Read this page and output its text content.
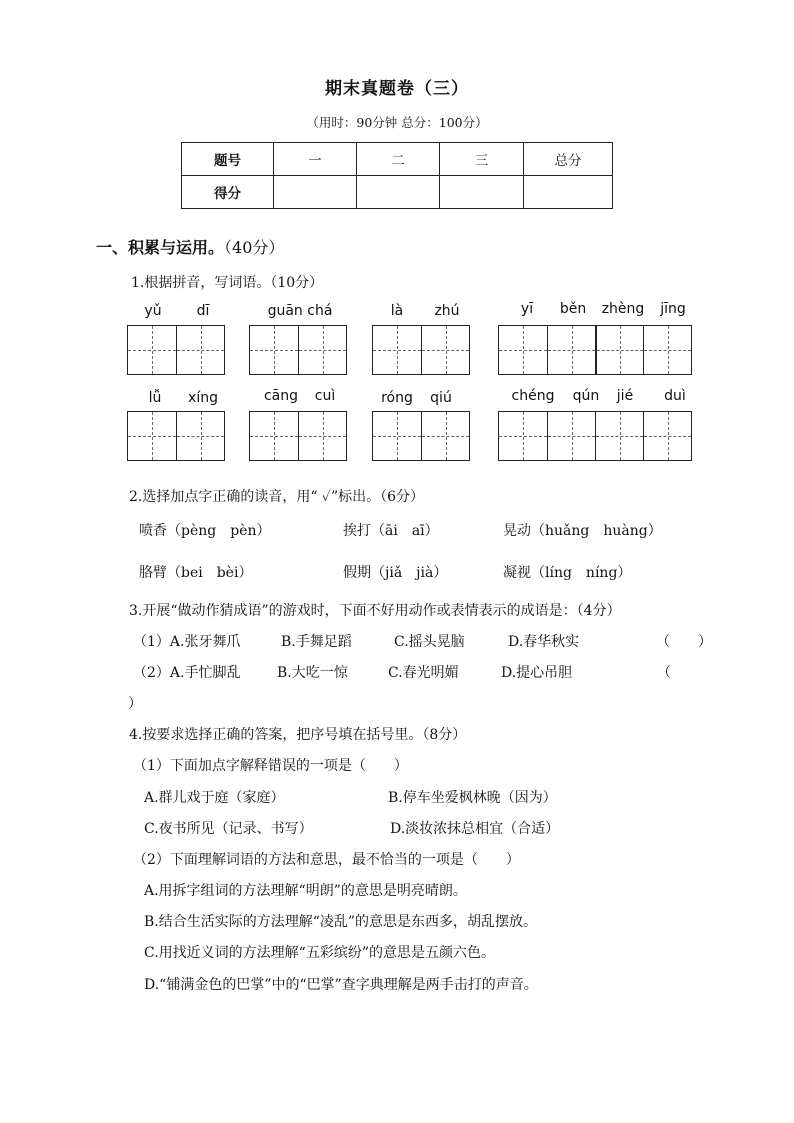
期末真题卷（三）
（用时：90分钟 总分：100分）
题号	一	二	三	总分
得分				
一、积累与运用。（40分）
1.根据拼音，写词语。（10分）
yǔ	dī	guān chá	là	zhú	yī	běn	zhèng	jīng
lǚ	xíng	cāng	cuì	róng	qiú	chéng	qún	jié	duì
2.选择加点字正确的读音，用“ ✓”标出。（6分）
喷香（pèng　pèn）	挨打（āi　aī）	晃动（huǎng　huàng）
胳臂（bei　bèi）	假期（jiǎ　jià）	凝视（líng　níng）
3.开展“做动作猜成语”的游戏时，下面不好用动作或表情表示的成语是：（4分）
（1）A.张牙舞爪	B.手舞足蹈	C.摇头晃脑	D.春华秋实	（　　）
（2）A.手忙脚乱	B.大吃一惊	C.春光明媚	D.提心吊胆	（
）
4.按要求选择正确的答案，把序号填在括号里。（8分）
（1）下面加点字解释错误的一项是（　　）
A.群儿戏于庭（家庭）	B.停车坐爱枫林晚（因为）
C.夜书所见（记录、书写）	D.淡妆浓抹总相宜（合适）
（2）下面理解词语的方法和意思，最不恰当的一项是（　　）
A.用拆字组词的方法理解“明朗”的意思是明亮晴朗。
B.结合生活实际的方法理解“凌乱”的意思是东西多，胡乱摆放。
C.用找近义词的方法理解“五彩缤纷”的意思是五颜六色。
D.“铺满金色的巴掌”中的“巴掌”查字典理解是两手击打的声音。
